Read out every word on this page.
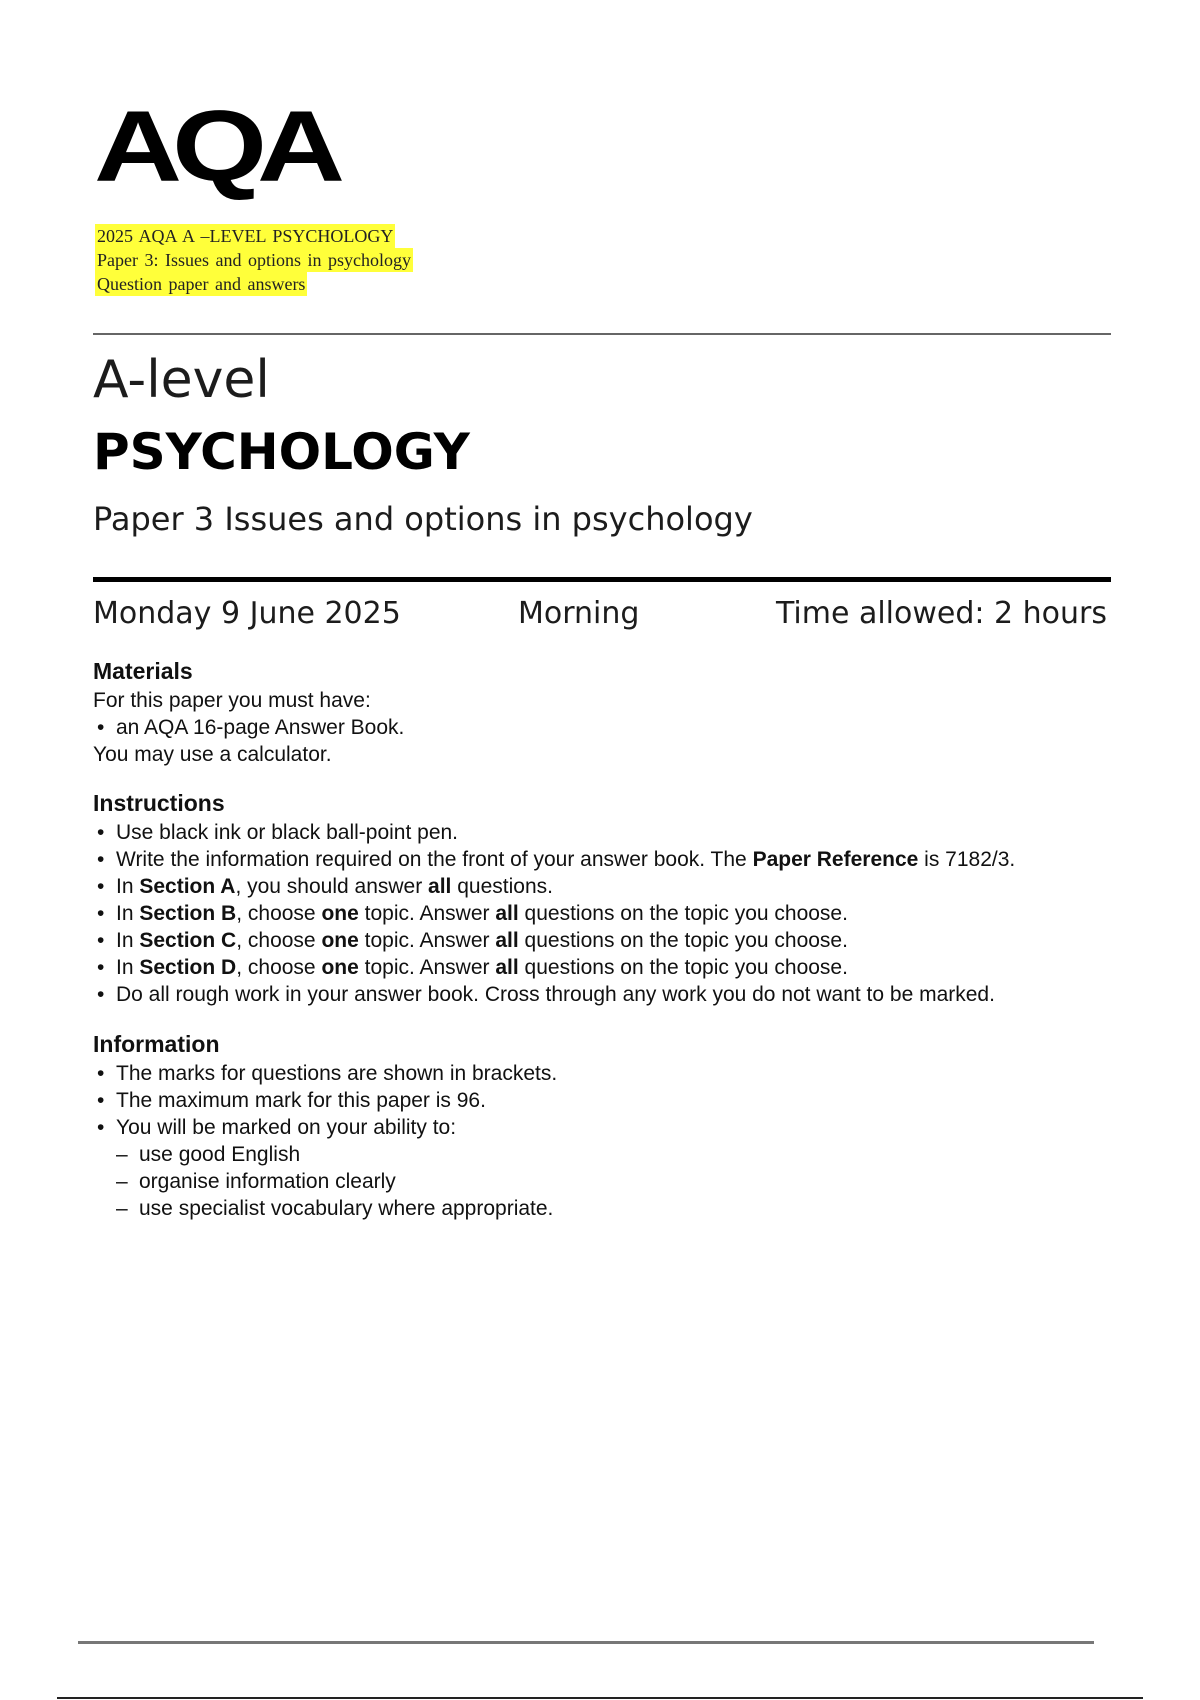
AQA
2025 AQA A –LEVEL PSYCHOLOGY
Paper 3: Issues and options in psychology
Question paper and answers
A-level
PSYCHOLOGY
Paper 3 Issues and options in psychology
Monday 9 June 2025	Morning	Time allowed: 2 hours
Materials

For this paper you must have:

• an AQA 16-page Answer Book.

You may use a calculator.

Instructions
• Use black ink or black ball-point pen.
• Write the information required on the front of your answer book. The Paper Reference is 7182/3.
• In Section A, you should answer all questions.
• In Section B, choose one topic. Answer all questions on the topic you choose.
• In Section C, choose one topic. Answer all questions on the topic you choose.
• In Section D, choose one topic. Answer all questions on the topic you choose.
• Do all rough work in your answer book. Cross through any work you do not want to be marked.
Information
• The marks for questions are shown in brackets.
• The maximum mark for this paper is 96.
• You will be marked on your ability to:
– use good English
– organise information clearly
– use specialist vocabulary where appropriate.
